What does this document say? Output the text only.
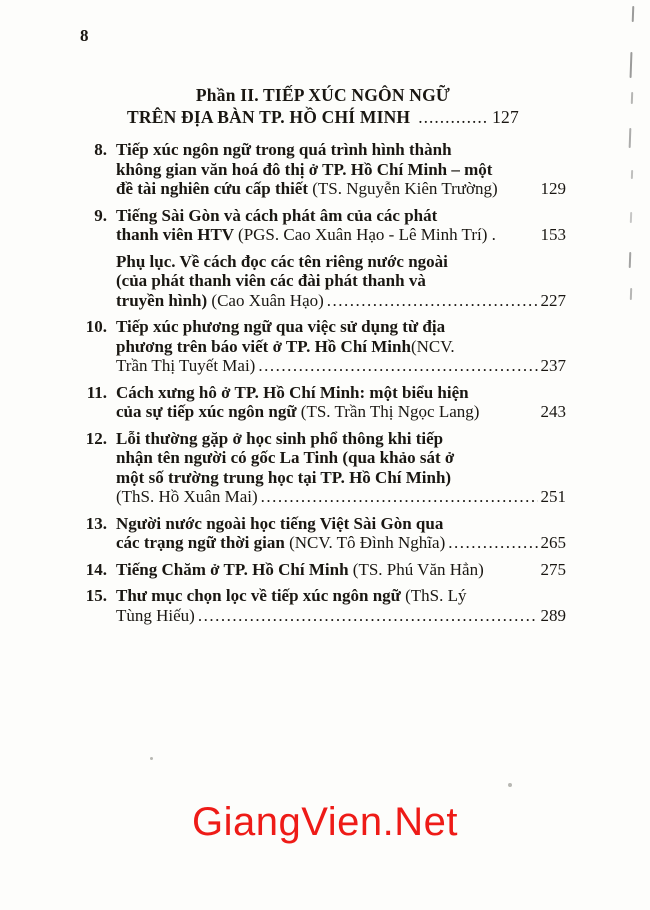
8
Phần II. TIẾP XÚC NGÔN NGỮ
TRÊN ĐỊA BÀN TP. HỒ CHÍ MINH ............. 127
8. Tiếp xúc ngôn ngữ trong quá trình hình thành
không gian văn hoá đô thị ở TP. Hồ Chí Minh – một
đề tài nghiên cứu cấp thiết (TS. Nguyễn Kiên Trường)	129
9. Tiếng Sài Gòn và cách phát âm của các phát
thanh viên HTV (PGS. Cao Xuân Hạo - Lê Minh Trí) .	153
Phụ lục. Về cách đọc các tên riêng nước ngoài
(của phát thanh viên các đài phát thanh và
truyền hình) (Cao Xuân Hạo) .....	227
10. Tiếp xúc phương ngữ qua việc sử dụng từ địa
phương trên báo viết ở TP. Hồ Chí Minh(NCV.
Trần Thị Tuyết Mai) .....	237
11. Cách xưng hô ở TP. Hồ Chí Minh: một biểu hiện
của sự tiếp xúc ngôn ngữ (TS. Trần Thị Ngọc Lang)	243
12. Lỗi thường gặp ở học sinh phổ thông khi tiếp
nhận tên người có gốc La Tinh (qua khảo sát ở
một số trường trung học tại TP. Hồ Chí Minh)
(ThS. Hồ Xuân Mai) .....	251
13. Người nước ngoài học tiếng Việt Sài Gòn qua
các trạng ngữ thời gian (NCV. Tô Đình Nghĩa) .....	265
14. Tiếng Chăm ở TP. Hồ Chí Minh (TS. Phú Văn Hẳn)	275
15. Thư mục chọn lọc về tiếp xúc ngôn ngữ (ThS. Lý
Tùng Hiếu) .....	289
GiangVien.Net
